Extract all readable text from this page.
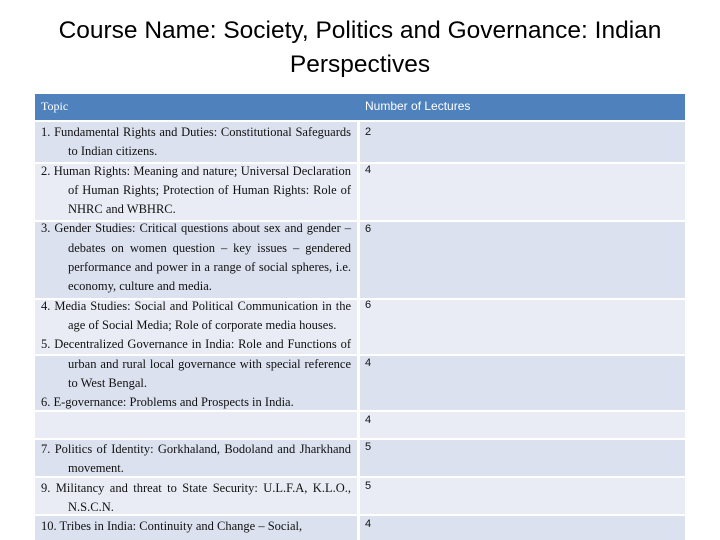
Course Name: Society, Politics and Governance: Indian
Perspectives
Topic	Number of Lectures

1. Fundamental Rights and Duties: Constitutional Safeguards to Indian citizens.

2. Human Rights: Meaning and nature; Universal Declaration of Human Rights; Protection of Human Rights: Role of NHRC and WBHRC.

3. Gender Studies: Critical questions about sex and gender – debates on women question – key issues – gendered performance and power in a range of social spheres, i.e. economy, culture and media.

4. Media Studies: Social and Political Communication in the age of Social Media; Role of corporate media houses.

5. Decentralized Governance in India: Role and Functions of urban and rural local governance with special reference to West Bengal.

6. E-governance: Problems and Prospects in India.

7. Politics of Identity: Gorkhaland, Bodoland and Jharkhand movement.

9. Militancy and threat to State Security: U.L.F.A, K.L.O., N.S.C.N.

10. Tribes in India: Continuity and Change – Social,

2
4
6
6
4
4
5
5
4
